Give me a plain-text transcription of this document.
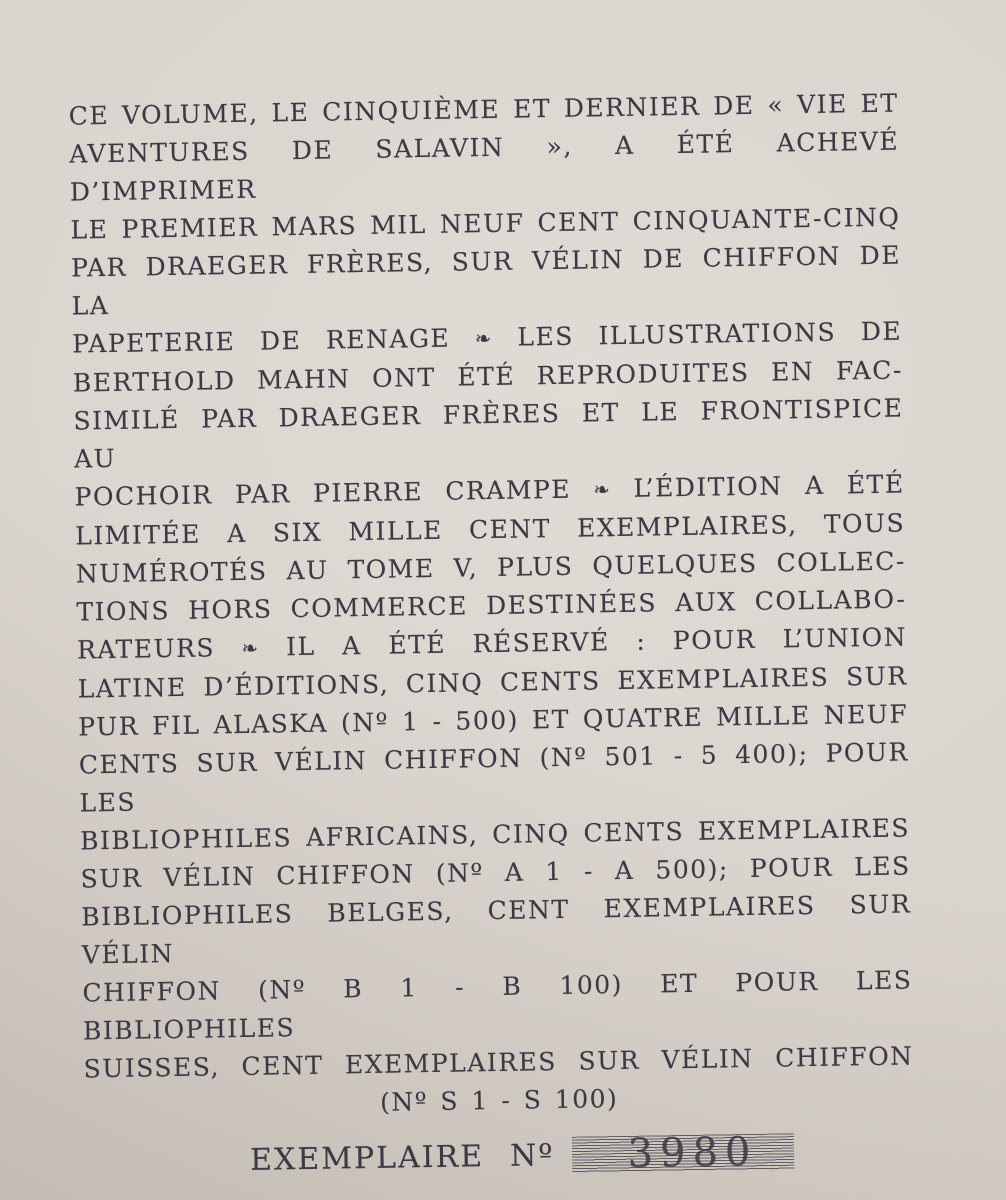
CE VOLUME, LE CINQUIÈME ET DERNIER DE « VIE ET
AVENTURES DE SALAVIN », A ÉTÉ ACHEVÉ D’IMPRIMER
LE PREMIER MARS MIL NEUF CENT CINQUANTE-CINQ
PAR DRAEGER FRÈRES, SUR VÉLIN DE CHIFFON DE LA
PAPETERIE DE RENAGE ❧ LES ILLUSTRATIONS DE
BERTHOLD MAHN ONT ÉTÉ REPRODUITES EN FAC-
SIMILÉ PAR DRAEGER FRÈRES ET LE FRONTISPICE AU
POCHOIR PAR PIERRE CRAMPE ❧ L’ÉDITION A ÉTÉ
LIMITÉE A SIX MILLE CENT EXEMPLAIRES, TOUS
NUMÉROTÉS AU TOME V, PLUS QUELQUES COLLEC-
TIONS HORS COMMERCE DESTINÉES AUX COLLABO-
RATEURS ❧ IL A ÉTÉ RÉSERVÉ : POUR L’UNION
LATINE D’ÉDITIONS, CINQ CENTS EXEMPLAIRES SUR
PUR FIL ALASKA (Nº 1 - 500) ET QUATRE MILLE NEUF
CENTS SUR VÉLIN CHIFFON (Nº 501 - 5 400); POUR LES
BIBLIOPHILES AFRICAINS, CINQ CENTS EXEMPLAIRES
SUR VÉLIN CHIFFON (Nº A 1 - A 500); POUR LES
BIBLIOPHILES BELGES, CENT EXEMPLAIRES SUR VÉLIN
CHIFFON (Nº B 1 - B 100) ET POUR LES BIBLIOPHILES
SUISSES, CENT EXEMPLAIRES SUR VÉLIN CHIFFON
(Nº S 1 - S 100)
EXEMPLAIRE Nº	3980
